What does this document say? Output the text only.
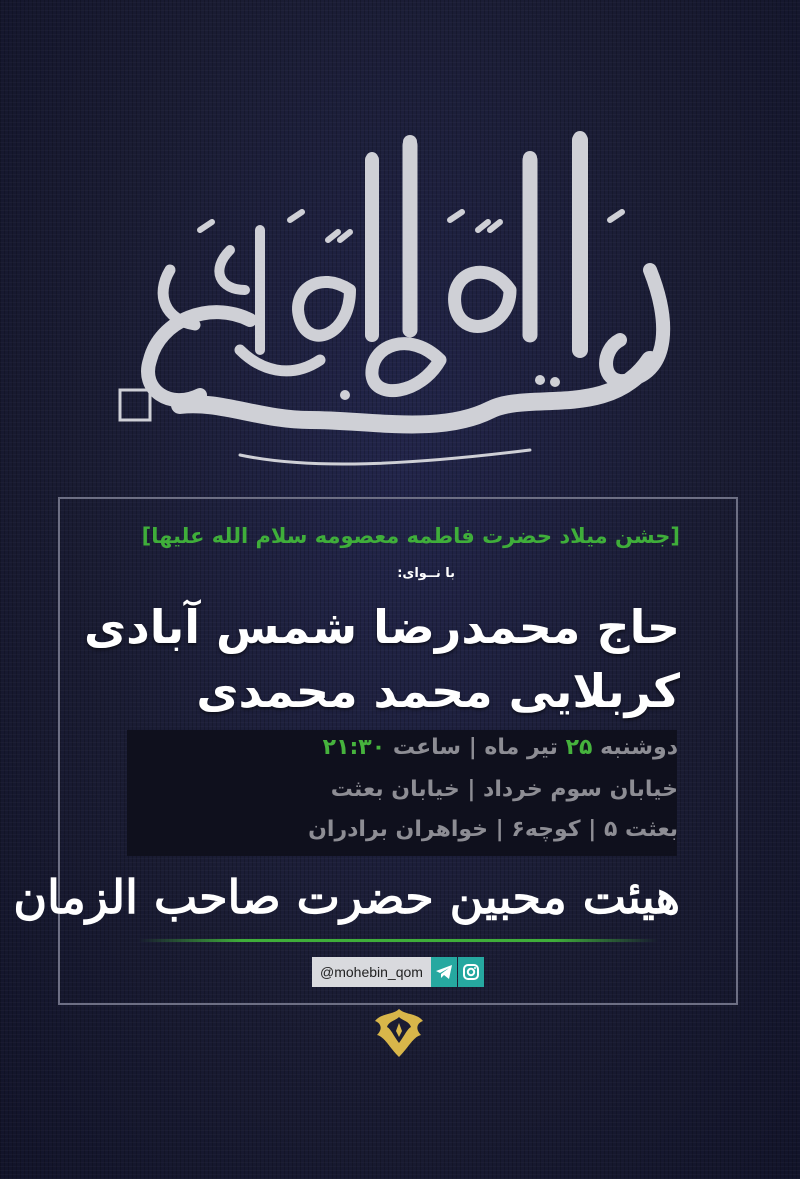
[جشن میلاد حضرت فاطمه معصومه سلام الله علیها]
با نــوای:
حاج محمدرضا شمس آبادی
کربلایی محمد محمدی
دوشنبه ۲۵ تیر ماه | ساعت ۲۱:۳۰
خیابان سوم خرداد | خیابان بعثت
بعثت ۵ | کوچه۶ | خواهران برادران
هیئت محبین حضرت صاحب الزمان
@mohebin_qom
